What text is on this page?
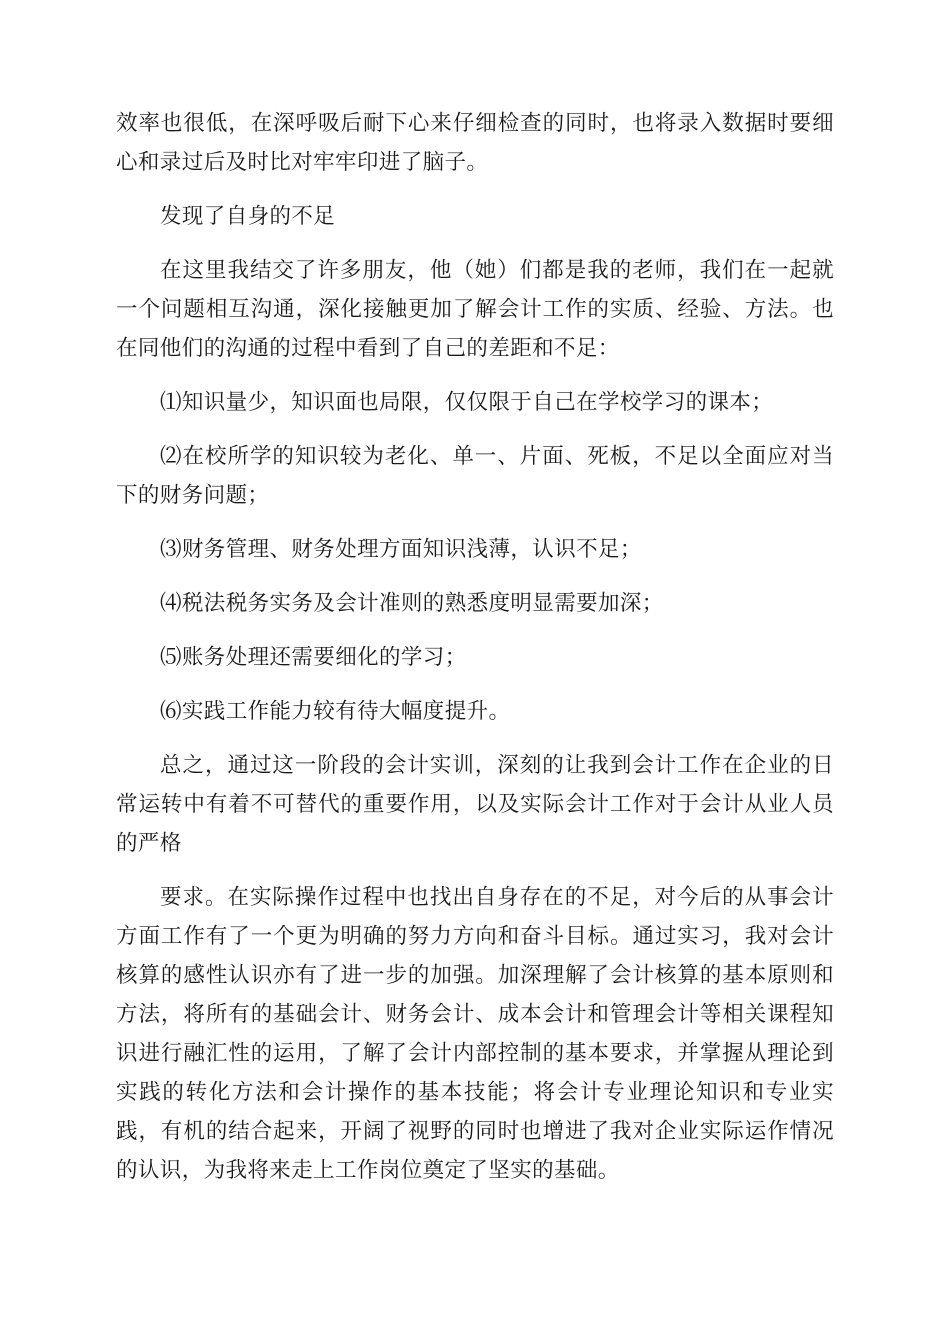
效率也很低，在深呼吸后耐下心来仔细检查的同时，也将录入数据时要细心和录过后及时比对牢牢印进了脑子。

发现了自身的不足

在这里我结交了许多朋友，他（她）们都是我的老师，我们在一起就一个问题相互沟通，深化接触更加了解会计工作的实质、经验、方法。也在同他们的沟通的过程中看到了自己的差距和不足：

⑴知识量少，知识面也局限，仅仅限于自己在学校学习的课本；

⑵在校所学的知识较为老化、单一、片面、死板，不足以全面应对当下的财务问题；

⑶财务管理、财务处理方面知识浅薄，认识不足；

⑷税法税务实务及会计准则的熟悉度明显需要加深；

⑸账务处理还需要细化的学习；

⑹实践工作能力较有待大幅度提升。

总之，通过这一阶段的会计实训，深刻的让我到会计工作在企业的日常运转中有着不可替代的重要作用，以及实际会计工作对于会计从业人员的严格

要求。在实际操作过程中也找出自身存在的不足，对今后的从事会计方面工作有了一个更为明确的努力方向和奋斗目标。通过实习，我对会计核算的感性认识亦有了进一步的加强。加深理解了会计核算的基本原则和方法，将所有的基础会计、财务会计、成本会计和管理会计等相关课程知识进行融汇性的运用，了解了会计内部控制的基本要求，并掌握从理论到实践的转化方法和会计操作的基本技能；将会计专业理论知识和专业实践，有机的结合起来，开阔了视野的同时也增进了我对企业实际运作情况的认识，为我将来走上工作岗位奠定了坚实的基础。
